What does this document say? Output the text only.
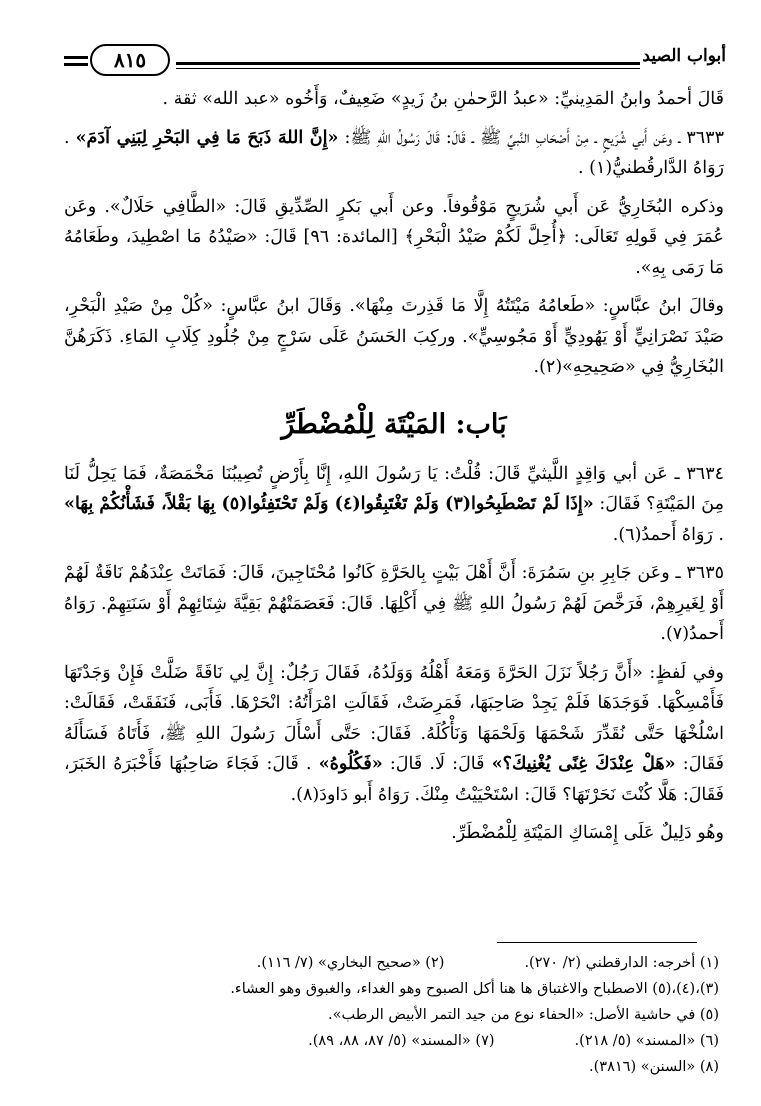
أبواب الصيد
٨١٥

قَالَ أحمدُ وابنُ المَدِينيِّ: «عبدُ الرَّحمٰنِ بنُ زَيدٍ» ضَعِيفٌ، وَأَخُوه «عبد الله» ثقة .

٣٦٣٣ ـ وعَن أَبي شُرَيحٍ ـ مِنْ أَصْحَابِ النَّبيِّ ﷺ ـ قَالَ: قَالَ رَسُولُ اللهِ ﷺ: «إِنَّ اللهَ ذَبَحَ مَا فِي البَحْرِ لِبَنِي آدَمَ» . رَوَاهُ الدَّارقُطنيُّ(١) .

وذكره البُخَارِيُّ عَن أَبي شُرَيحٍ مَوْقُوفاً. وعن أَبي بَكرٍ الصِّدِّيقِ قَالَ: «الطَّافِي حَلَالٌ». وعَن عُمَرَ فِي قَولِهِ تَعَالَى: ﴿أُحِلَّ لَكُمْ صَيْدُ الْبَحْرِ﴾ [المائدة: ٩٦] قَالَ: «صَيْدُهُ مَا اصْطِيدَ، وطَعَامُهُ مَا رَمَى بِهِ».

وقالَ ابنُ عبَّاسٍ: «طَعامُهُ مَيْتَتُهُ إِلَّا مَا قَذِرتَ مِنْهَا». وَقَالَ ابنُ عبَّاسٍ: «كُلْ مِنْ صَيْدِ الْبَحْرِ، صَيْدَ نَصْرَانِيٍّ أَوْ يَهُودِيٍّ أَوْ مَجُوسِيٍّ». وركِبَ الحَسَنُ عَلَى سَرْجٍ مِنْ جُلُودِ كِلَابِ المَاءِ. ذَكَرَهُنَّ البُخَارِيُّ فِي «صَحِيحِهِ»(٢).

بَاب: المَيْتَة لِلْمُضْطَرِّ

٣٦٣٤ ـ عَن أبي وَاقِدٍ اللَّيثيِّ قَالَ: قُلْتُ: يَا رَسُولَ اللهِ، إِنَّا بِأَرْضٍ تُصِيبُنَا مَخْمَصَةٌ، فَمَا يَحِلُّ لَنَا مِنَ المَيْتَةِ؟ فَقَالَ: «إِذَا لَمْ تَصْطَبِحُوا(٣) وَلَمْ تَغْتَبِقُوا(٤) وَلَمْ تَحْتَفِئُوا(٥) بِهَا بَقْلاً، فَشَأْنُكُمْ بِهَا» . رَوَاهُ أَحمدُ(٦).

٣٦٣٥ ـ وعَن جَابِرِ بنِ سَمُرَةَ: أَنَّ أَهْلَ بَيْتٍ بِالحَرَّةِ كَانُوا مُحْتَاجِينَ، قَالَ: فَمَاتَتْ عِنْدَهُمْ نَاقَةٌ لَهُمْ أَوْ لِغَيرِهِمْ، فَرَخَّصَ لَهُمْ رَسُولُ اللهِ ﷺ فِي أَكْلِهَا. قَالَ: فَعَصَمَتْهُمْ بَقِيَّةَ شِتَائِهِمْ أَوْ سَنَتِهِمْ. رَوَاهُ أَحمدُ(٧).

وفي لَفظٍ: «أَنَّ رَجُلاً نَزَلَ الحَرَّةَ وَمَعَهُ أَهْلُهُ وَوَلَدُهُ، فَقَالَ رَجُلٌ: إِنَّ لِي نَاقَةً ضَلَّتْ فَإِنْ وَجَدْتَهَا فَأَمْسِكْهَا. فَوَجَدَهَا فَلَمْ يَجِدْ صَاحِبَهَا، فَمَرِضَتْ، فَقَالَتِ امْرَأَتُهُ: انْحَرْهَا. فَأَبَى، فَنَفَقَتْ، فَقَالَتْ: اسْلُخْهَا حَتَّى نُقَدِّرَ شَحْمَهَا وَلَحْمَهَا وَنَأْكُلَهُ. فَقَالَ: حَتَّى أَسْأَلَ رَسُولَ اللهِ ﷺ، فَأَتَاهُ فَسَأَلَهُ فَقَالَ: «هَلْ عِنْدَكَ غِنًى يُغْنِيكَ؟» قَالَ: لَا. قَالَ: «فَكُلُوهُ» . قَالَ: فَجَاءَ صَاحِبُهَا فَأَخْبَرَهُ الخَبَرَ، فَقَالَ: هَلَّا كُنْتَ نَحَرْتَهَا؟ قَالَ: اسْتَحْيَيْتُ مِنْكَ. رَوَاهُ أَبو دَاودَ(٨).

وهُو دَلِيلٌ عَلَى إِمْسَاكِ المَيْتَةِ لِلْمُضْطَرِّ.

(١) أخرجه: الدارقطني (٢/ ٢٧٠).
(٢) «صحيح البخاري» (٧/ ١١٦).
(٣)،(٤)،(٥) الاصطباح والاغتباق ها هنا أكل الصبوح وهو الغداء، والغبوق وهو العشاء.
(٥) في حاشية الأصل: «الحفاء نوع من جيد التمر الأبيض الرطب».
(٦) «المسند» (٥/ ٢١٨).
(٧) «المسند» (٥/ ٨٧، ٨٨، ٨٩).
(٨) «السنن» (٣٨١٦).
